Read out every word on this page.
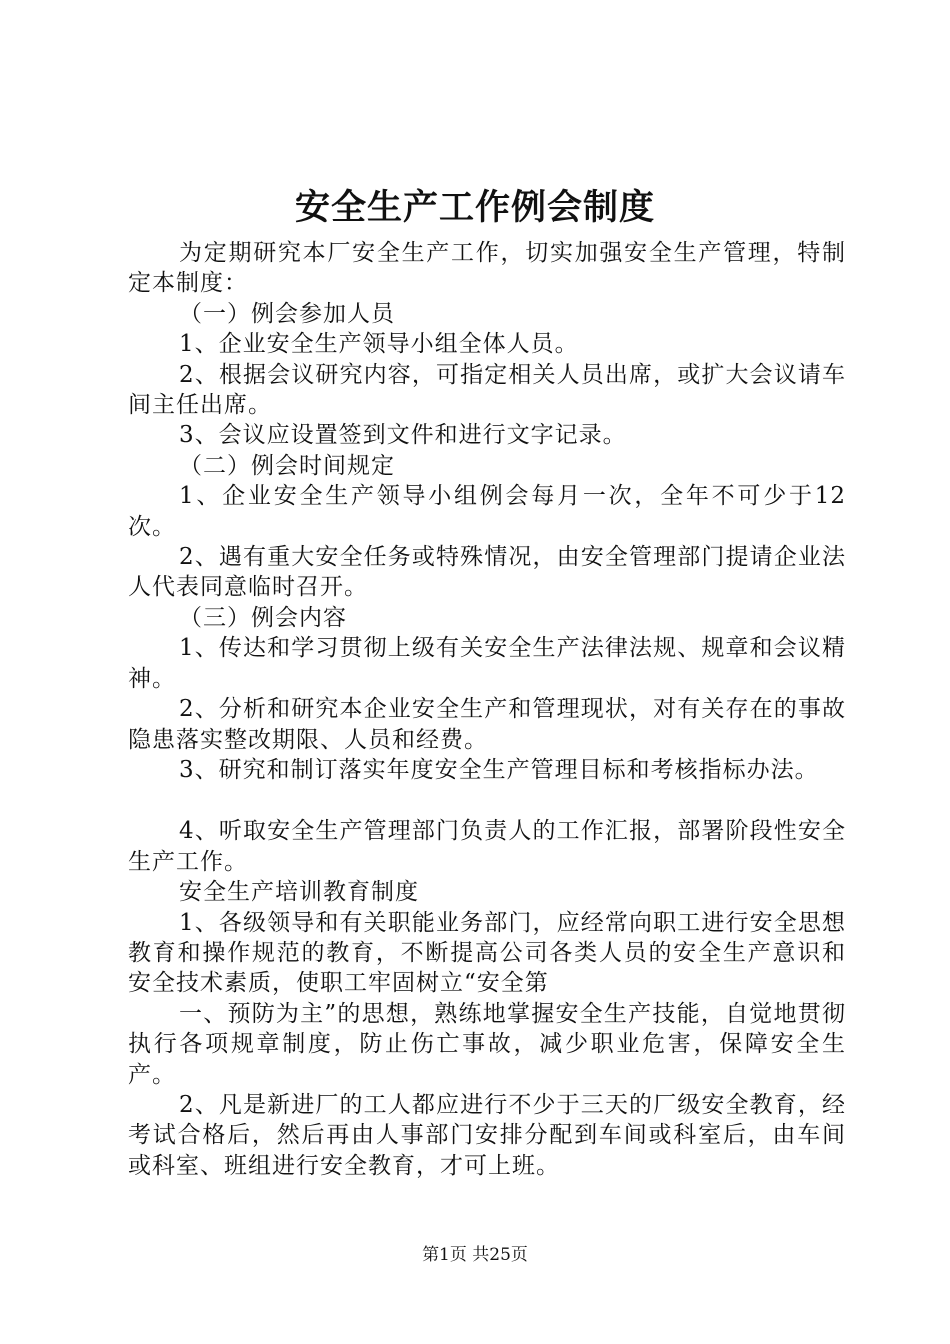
安全生产工作例会制度

为定期研究本厂安全生产工作，切实加强安全生产管理，特制定本制度：

（一）例会参加人员

1、企业安全生产领导小组全体人员。

2、根据会议研究内容，可指定相关人员出席，或扩大会议请车间主任出席。

3、会议应设置签到文件和进行文字记录。

（二）例会时间规定

1、企业安全生产领导小组例会每月一次，全年不可少于12次。

2、遇有重大安全任务或特殊情况，由安全管理部门提请企业法人代表同意临时召开。

（三）例会内容

1、传达和学习贯彻上级有关安全生产法律法规、规章和会议精神。

2、分析和研究本企业安全生产和管理现状，对有关存在的事故隐患落实整改期限、人员和经费。

3、研究和制订落实年度安全生产管理目标和考核指标办法。

4、听取安全生产管理部门负责人的工作汇报，部署阶段性安全生产工作。

安全生产培训教育制度

1、各级领导和有关职能业务部门，应经常向职工进行安全思想教育和操作规范的教育，不断提高公司各类人员的安全生产意识和安全技术素质，使职工牢固树立“安全第

一、预防为主”的思想，熟练地掌握安全生产技能，自觉地贯彻执行各项规章制度，防止伤亡事故，减少职业危害，保障安全生产。

2、凡是新进厂的工人都应进行不少于三天的厂级安全教育，经考试合格后，然后再由人事部门安排分配到车间或科室后，由车间或科室、班组进行安全教育，才可上班。

第1页 共25页
